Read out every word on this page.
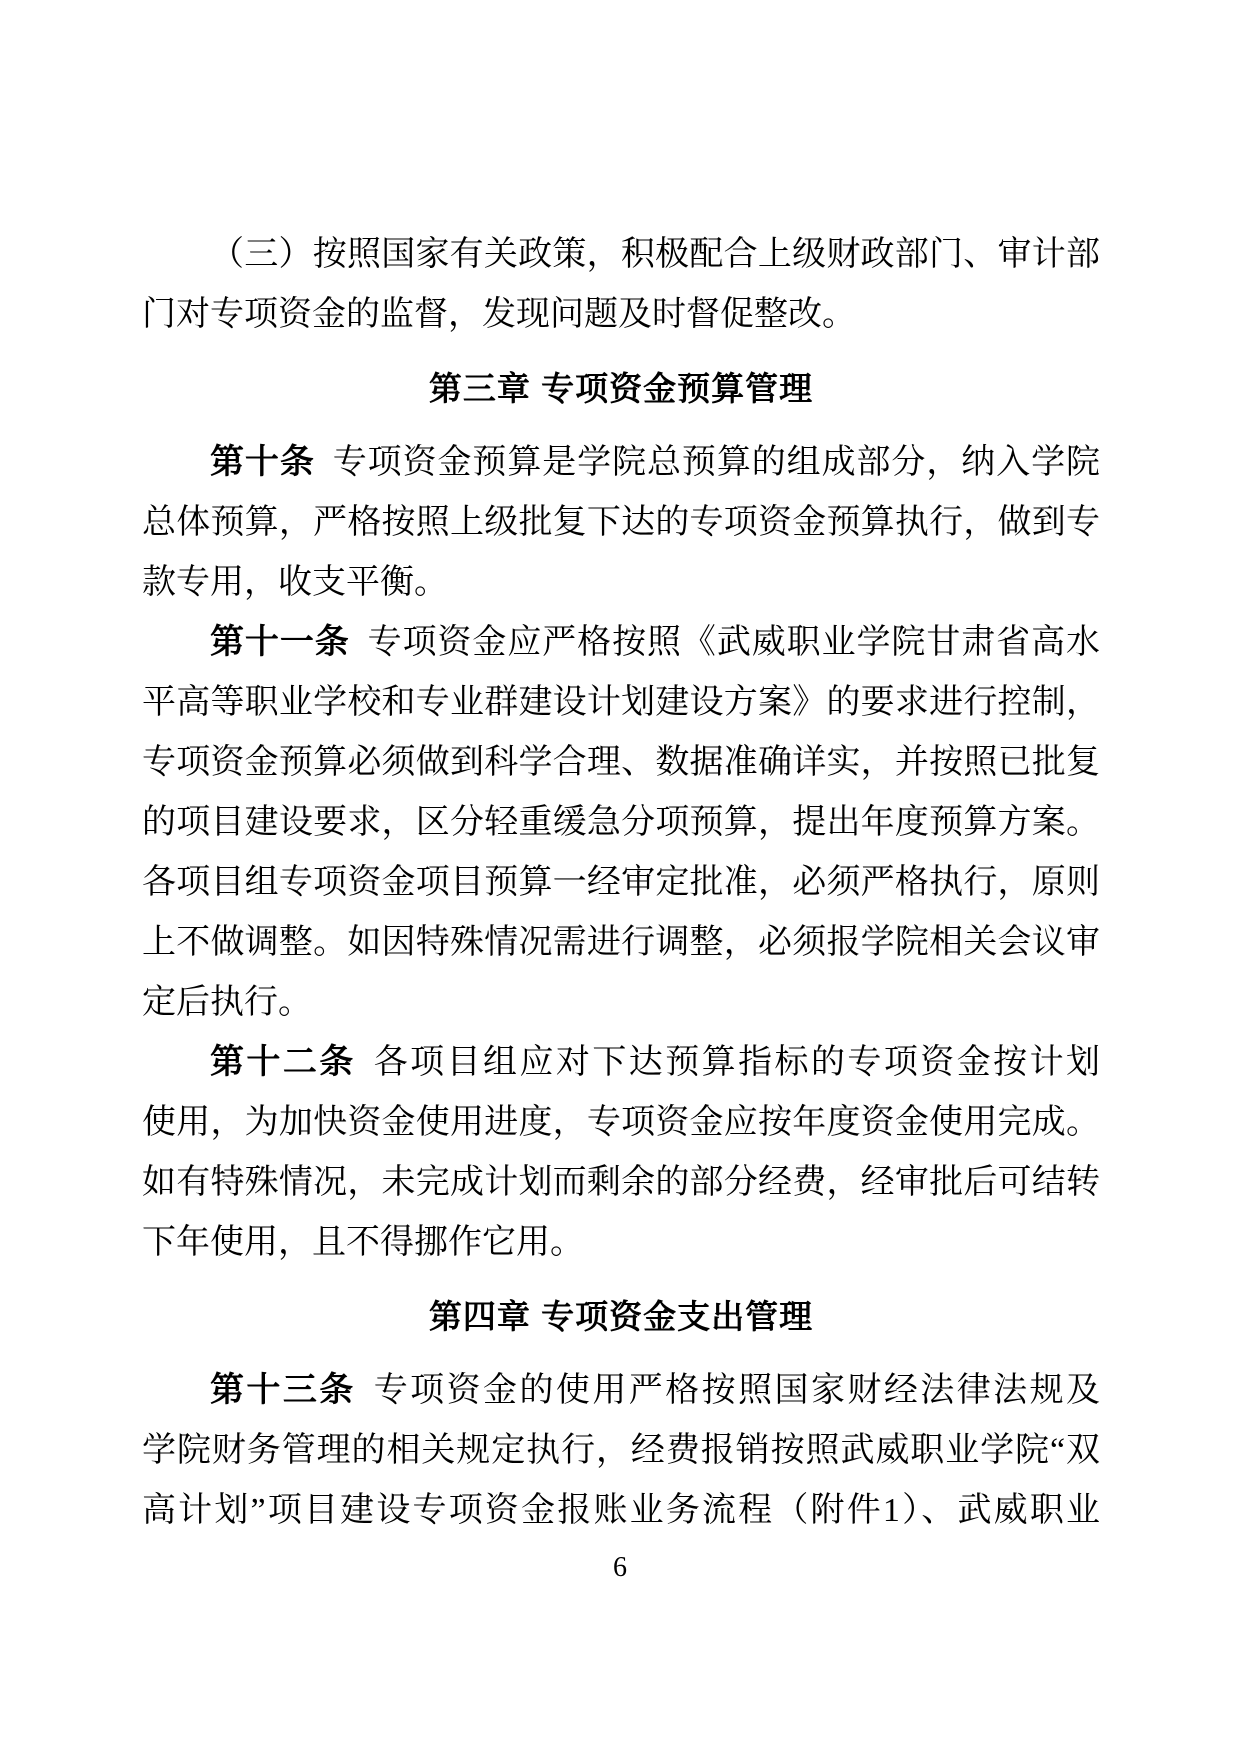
（三）按照国家有关政策，积极配合上级财政部门、审计部
门对专项资金的监督，发现问题及时督促整改。
第三章 专项资金预算管理
第十条 专项资金预算是学院总预算的组成部分，纳入学院
总体预算，严格按照上级批复下达的专项资金预算执行，做到专
款专用，收支平衡。
第十一条 专项资金应严格按照《武威职业学院甘肃省高水
平高等职业学校和专业群建设计划建设方案》的要求进行控制，
专项资金预算必须做到科学合理、数据准确详实，并按照已批复
的项目建设要求，区分轻重缓急分项预算，提出年度预算方案。
各项目组专项资金项目预算一经审定批准，必须严格执行，原则
上不做调整。如因特殊情况需进行调整，必须报学院相关会议审
定后执行。
第十二条 各项目组应对下达预算指标的专项资金按计划
使用，为加快资金使用进度，专项资金应按年度资金使用完成。
如有特殊情况，未完成计划而剩余的部分经费，经审批后可结转
下年使用，且不得挪作它用。
第四章 专项资金支出管理
第十三条 专项资金的使用严格按照国家财经法律法规及
学院财务管理的相关规定执行，经费报销按照武威职业学院“双
高计划”项目建设专项资金报账业务流程（附件1）、武威职业
6
